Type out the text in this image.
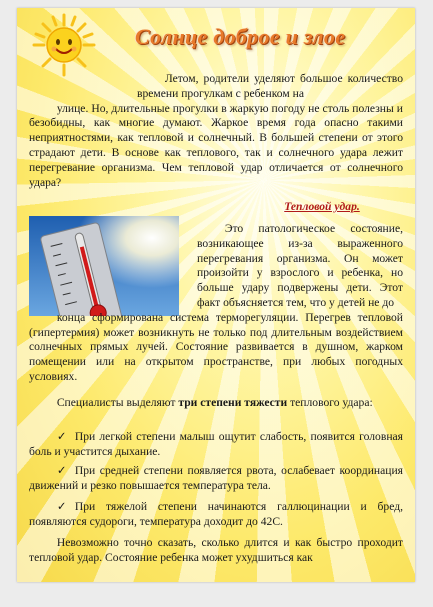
Солнце доброе и злое

Летом, родители уделяют большое количество времени прогулкам с ребенком на
улице. Но, длительные прогулки в жаркую погоду не столь полезны и безобидны, как многие думают. Жаркое время года опасно такими неприятностями, как тепловой и солнечный. В большей степени от этого страдают дети. В основе как теплового, так и солнечного удара лежит перегревание организма. Чем тепловой удар отличается от солнечного удара?

Тепловой удар.

Это патологическое состояние, возникающее из-за выраженного перегревания организма. Он может произойти у взрослого и ребенка, но больше удару подвержены дети. Этот факт объясняется тем, что у детей не до
конца сформирована система терморегуляции. Перегрев тепловой (гипертермия) может возникнуть не только под длительным воздействием солнечных прямых лучей. Состояние развивается в душном, жарком помещении или на открытом пространстве, при любых погодных условиях.

Специалисты выделяют три степени тяжести теплового удара:

✓ При легкой степени малыш ощутит слабость, появится головная боль и участится дыхание.

✓ При средней степени появляется рвота, ослабевает координация движений и резко повышается температура тела.

✓ При тяжелой степени начинаются галлюцинации и бред, появляются судороги, температура доходит до 42С.

Невозможно точно сказать, сколько длится и как быстро проходит тепловой удар. Состояние ребенка может ухудшиться как
